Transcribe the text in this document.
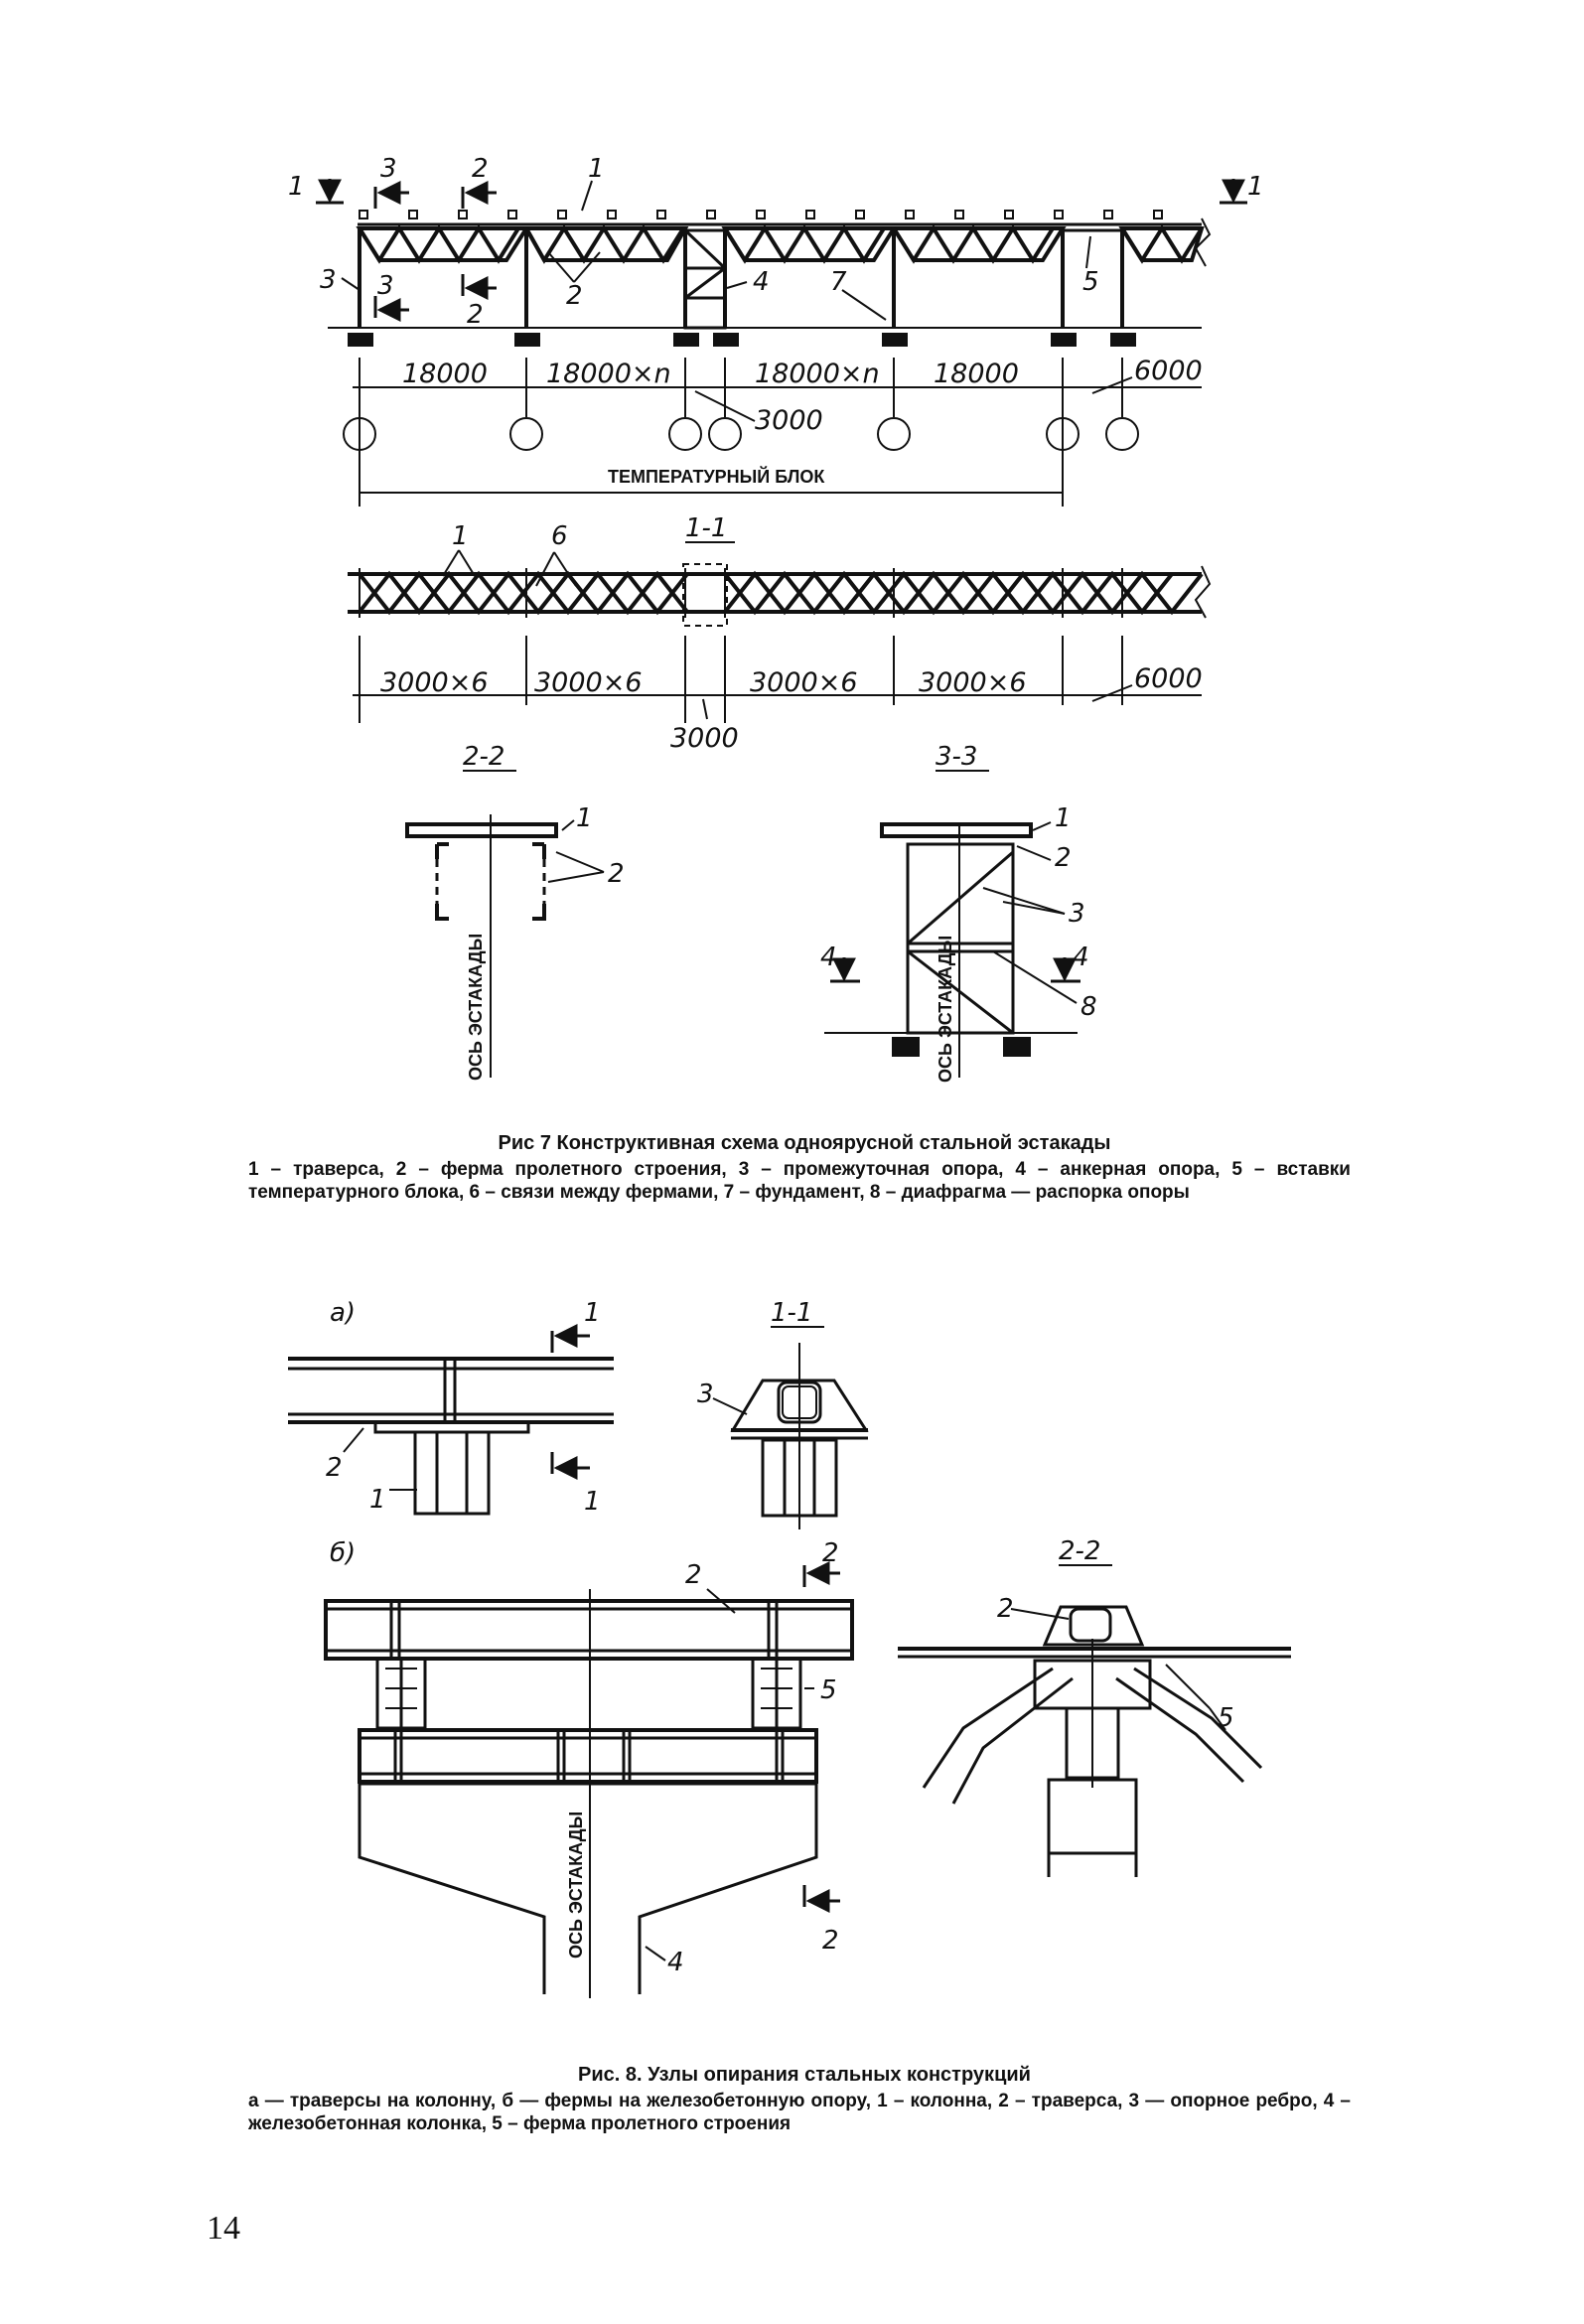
1
3	2
1
3
2
1
3
2	4 7	5
18000 18000×n	18000×n 18000	6000
3000
ТЕМПЕРАТУРНЫЙ БЛОК
1-1
1	6
3000×6 3000×6	3000×6 3000×6	6000
3000
2-2
1
2
ОСЬ ЭСТАКАДЫ
3-3
1
2
3
4	4
8
ОСЬ ЭСТАКАДЫ
а)	1
1
2
1
1-1
3
б)	2
2
5
2
4
ОСЬ ЭСТАКАДЫ
2-2
2
5
Рис 7 Конструктивная схема одноярусной стальной эстакады
1 – траверса, 2 – ферма пролетного строения, 3 – промежуточная опора, 4 – анкерная опора, 5 – вставки температурного блока, 6 – связи между фермами, 7 – фундамент, 8 – диафрагма — распорка опоры
Рис. 8. Узлы опирания стальных конструкций
а — траверсы на колонну, б — фермы на железобетонную опору, 1 – колонна, 2 – траверса, 3 — опорное ребро, 4 – железобетонная колонка, 5 – ферма пролетного строения
14
